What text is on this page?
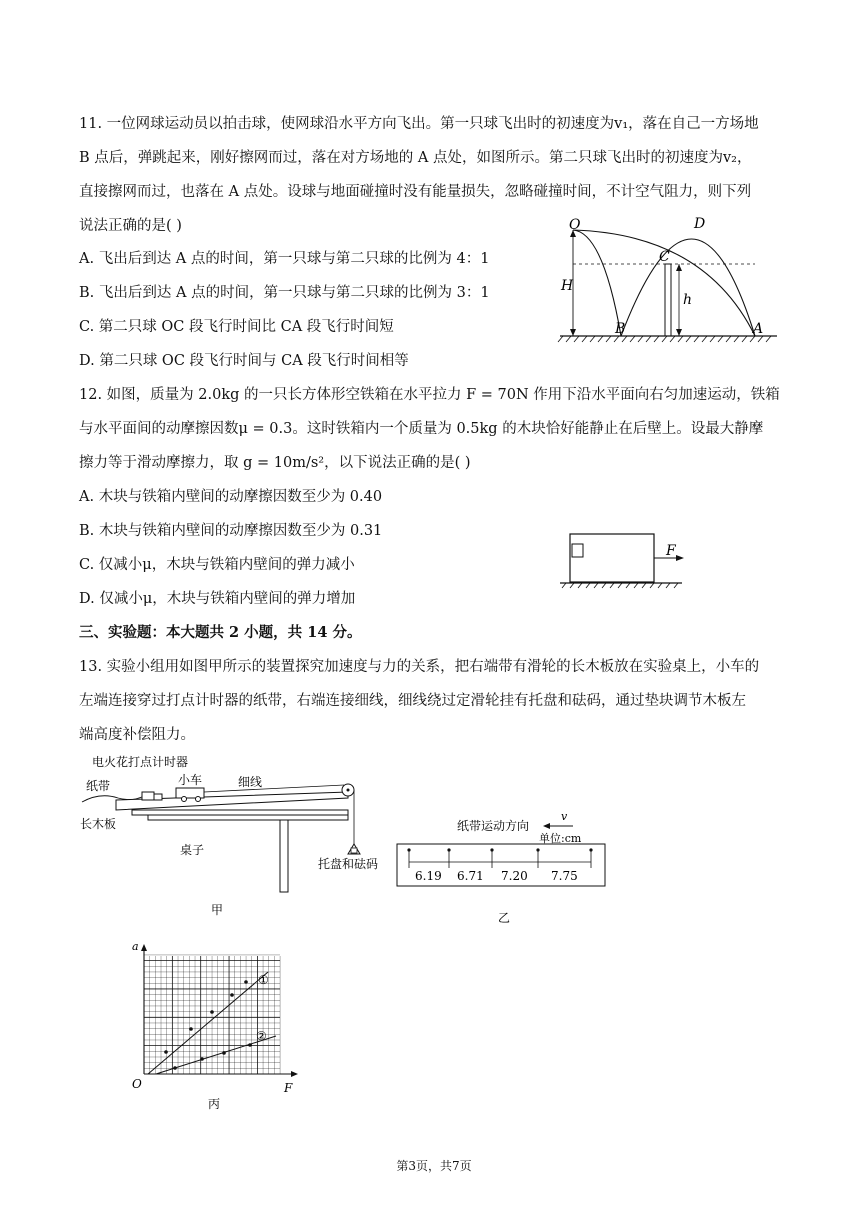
11. 一位网球运动员以拍击球，使网球沿水平方向飞出。第一只球飞出时的初速度为v₁，落在自己一方场地
B 点后，弹跳起来，刚好擦网而过，落在对方场地的 A 点处，如图所示。第二只球飞出时的初速度为v₂，
直接擦网而过，也落在 A 点处。设球与地面碰撞时没有能量损失，忽略碰撞时间，不计空气阻力，则下列
说法正确的是( )
A. 飞出后到达 A 点的时间，第一只球与第二只球的比例为 4：1
B. 飞出后到达 A 点的时间，第一只球与第二只球的比例为 3：1
C. 第二只球 OC 段飞行时间比 CA 段飞行时间短
D. 第二只球 OC 段飞行时间与 CA 段飞行时间相等
O
C
D
H
h
B	A
12. 如图，质量为 2.0kg 的一只长方体形空铁箱在水平拉力 F = 70N 作用下沿水平面向右匀加速运动，铁箱
与水平面间的动摩擦因数μ = 0.3。这时铁箱内一个质量为 0.5kg 的木块恰好能静止在后壁上。设最大静摩
擦力等于滑动摩擦力，取 g = 10m/s²，以下说法正确的是( )
A. 木块与铁箱内壁间的动摩擦因数至少为 0.40
B. 木块与铁箱内壁间的动摩擦因数至少为 0.31
C. 仅减小μ，木块与铁箱内壁间的弹力减小
D. 仅减小μ，木块与铁箱内壁间的弹力增加
F
三、实验题：本大题共 2 小题，共 14 分。
13. 实验小组用如图甲所示的装置探究加速度与力的关系，把右端带有滑轮的长木板放在实验桌上，小车的
左端连接穿过打点计时器的纸带，右端连接细线，细线绕过定滑轮挂有托盘和砝码，通过垫块调节木板左
端高度补偿阻力。
电火花打点计时器
纸带	小车	细线
长木板
桌子
托盘和砝码
甲
纸带运动方向
v
单位:cm
6.19 6.71 7.20 7.75
乙
a
F
O
①
②
丙
第3页，共7页
